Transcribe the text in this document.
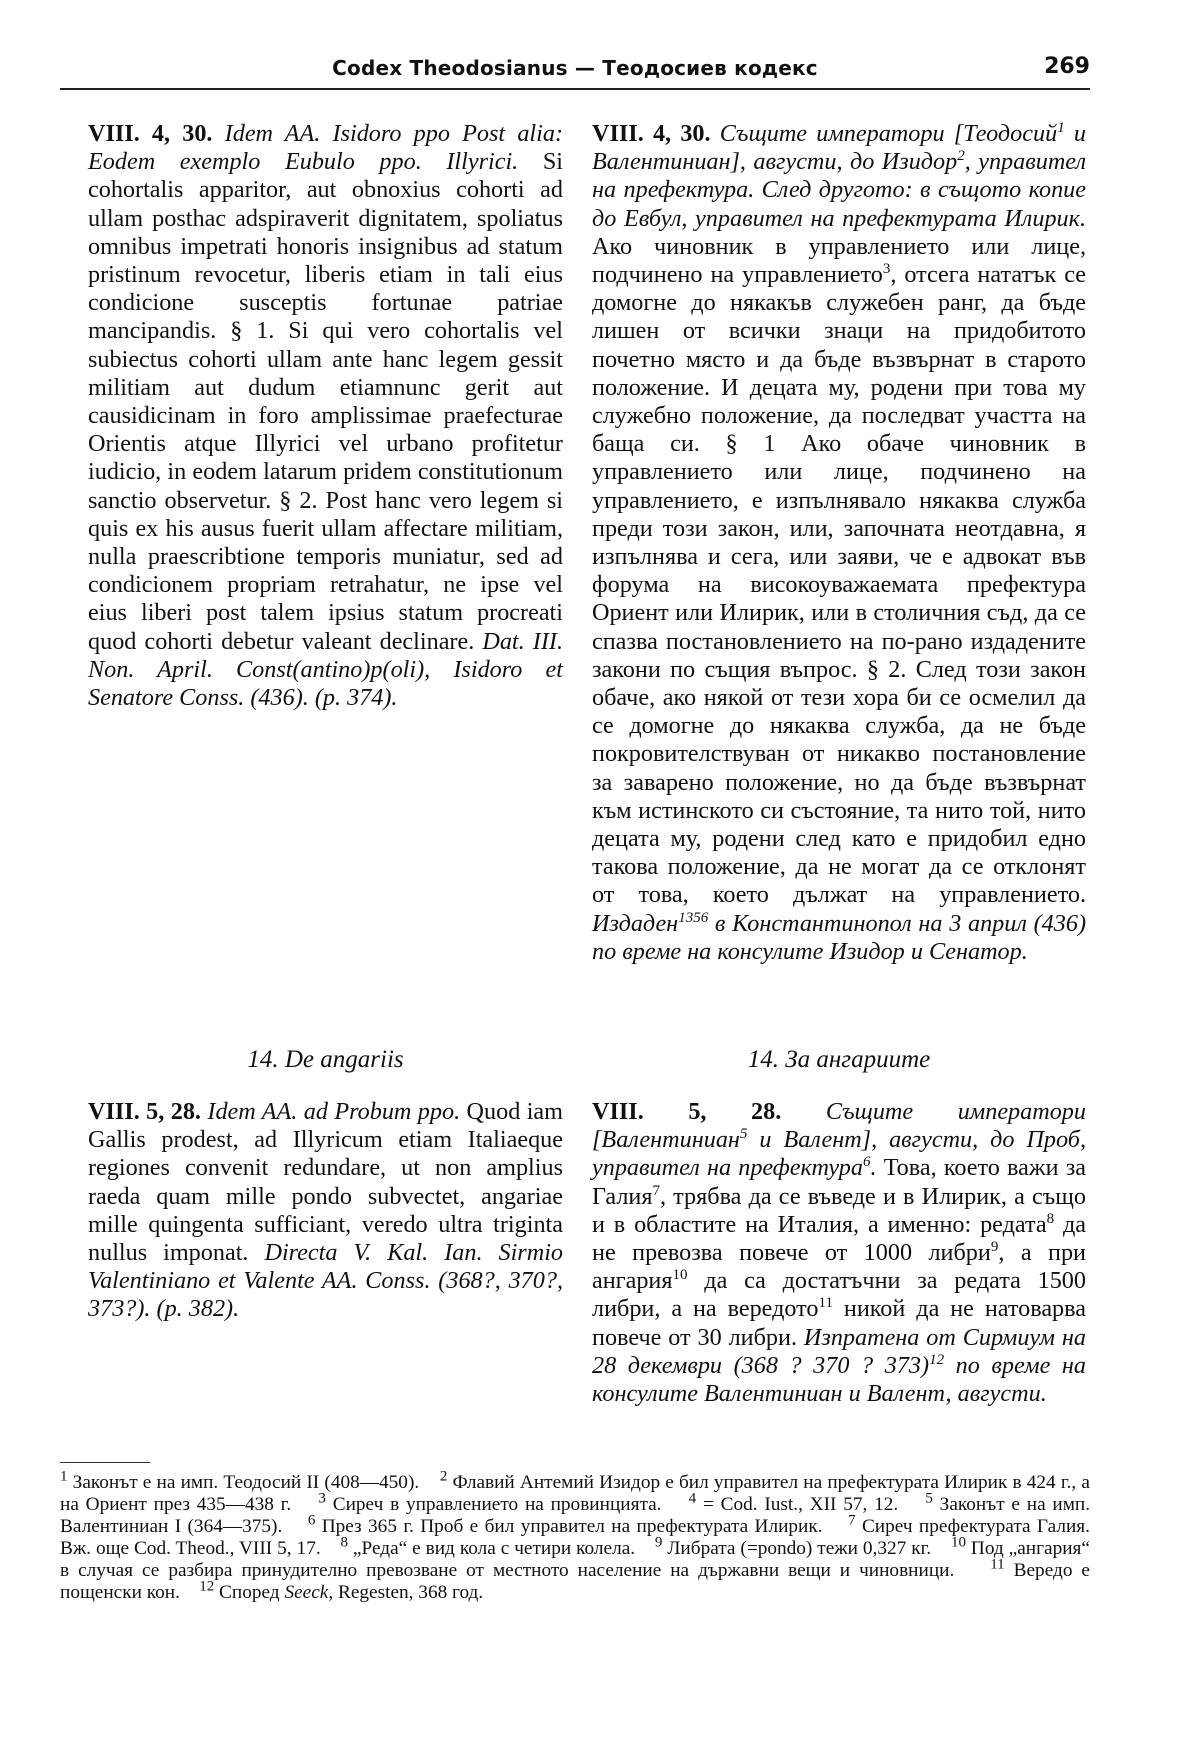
Codex Theodosianus — Теодосиев кодекс	269
VIII. 4, 30. Idem AA. Isidoro ppo Post alia: Eodem exemplo Eubulo ppo. Illyrici. Si cohortalis apparitor, aut obnoxius cohorti ad ullam posthac adspiraverit dignitatem, spoliatus omnibus impetrati honoris insignibus ad statum pristinum revocetur, liberis etiam in tali eius condicione susceptis fortunae patriae mancipandis. § 1. Si qui vero cohortalis vel subiectus cohorti ullam ante hanc legem gessit militiam aut dudum etiamnunc gerit aut causidicinam in foro amplissimae praefecturae Orientis atque Illyrici vel urbano profitetur iudicio, in eodem latarum pridem constitutionum sanctio observetur. § 2. Post hanc vero legem si quis ex his ausus fuerit ullam affectare militiam, nulla praescribtione temporis muniatur, sed ad condicionem propriam retrahatur, ne ipse vel eius liberi post talem ipsius statum procreati quod cohorti debetur valeant declinare. Dat. III. Non. April. Const(antino)p(oli), Isidoro et Senatore Conss. (436). (p. 374).
VIII. 4, 30. Същите императори [Теодосий$^1$ и Валентиниан], августи, до Изидор$^2$, управител на префектура. След другото: в същото копие до Евбул, управител на префектурата Илирик. Ако чиновник в управлението или лице, подчинено на управлението$^3$, отсега нататък се домогне до някакъв служебен ранг, да бъде лишен от всички знаци на придобитото почетно място и да бъде възвърнат в старото положение. И децата му, родени при това му служебно положение, да последват участта на баща си. § 1 Ако обаче чиновник в управлението или лице, подчинено на управлението, е изпълнявало някаква служба преди този закон, или, започната неотдавна, я изпълнява и сега, или заяви, че е адвокат във форума на високоуважаемата префектура Ориент или Илирик, или в столичния съд, да се спазва постановлението на по-рано издадените закони по същия въпрос. § 2. След този закон обаче, ако някой от тези хора би се осмелил да се домогне до някаква служба, да не бъде покровителствуван от никакво постановление за заварено положение, но да бъде възвърнат към истинското си състояние, та нито той, нито децата му, родени след като е придобил едно такова положение, да не могат да се отклонят от това, което дължат на управлението. Издаден$^{1356}$ в Константинопол на 3 април (436) по време на консулите Изидор и Сенатор.
14. De angariis	14. За ангариите
VIII. 5, 28. Idem AA. ad Probum ppo. Quod iam Gallis prodest, ad Illyricum etiam Italiaeque regiones convenit redundare, ut non amplius raeda quam mille pondo subvectet, angariae mille quingenta sufficiant, veredo ultra triginta nullus imponat. Directa V. Kal. Ian. Sirmio Valentiniano et Valente AA. Conss. (368?, 370?, 373?). (p. 382).
VIII. 5, 28. Същите императори [Валентиниан$^5$ и Валент], августи, до Проб, управител на префектура$^6$. Това, което важи за Галия$^7$, трябва да се въведе и в Илирик, а също и в областите на Италия, а именно: редата$^8$ да не превозва повече от 1000 либри$^9$, а при ангария$^{10}$ да са достатъчни за редата 1500 либри, а на вередото$^{11}$ никой да не натоварва повече от 30 либри. Изпратена от Сирмиум на 28 декември (368 ? 370 ? 373)$^{12}$ по време на консулите Валентиниан и Валент, августи.
$^1$ Законът е на имп. Теодосий II (408—450). $^2$ Флавий Антемий Изидор е бил управител на префектурата Илирик в 424 г., а на Ориент през 435—438 г. $^3$ Сиреч в управлението на провинцията. $^4$ = Cod. Iust., XII 57, 12. $^5$ Законът е на имп. Валентиниан I (364—375). $^6$ През 365 г. Проб е бил управител на префектурата Илирик. $^7$ Сиреч префектурата Галия. Вж. още Cod. Theod., VIII 5, 17. $^8$ „Реда“ е вид кола с четири колела. $^9$ Либрата (=pondo) тежи 0,327 кг. $^{10}$ Под „ангария“ в случая се разбира принудително превозване от местното население на държавни вещи и чиновници. $^{11}$ Вередо е пощенски кон. $^{12}$ Според Seeck, Regesten, 368 год.
